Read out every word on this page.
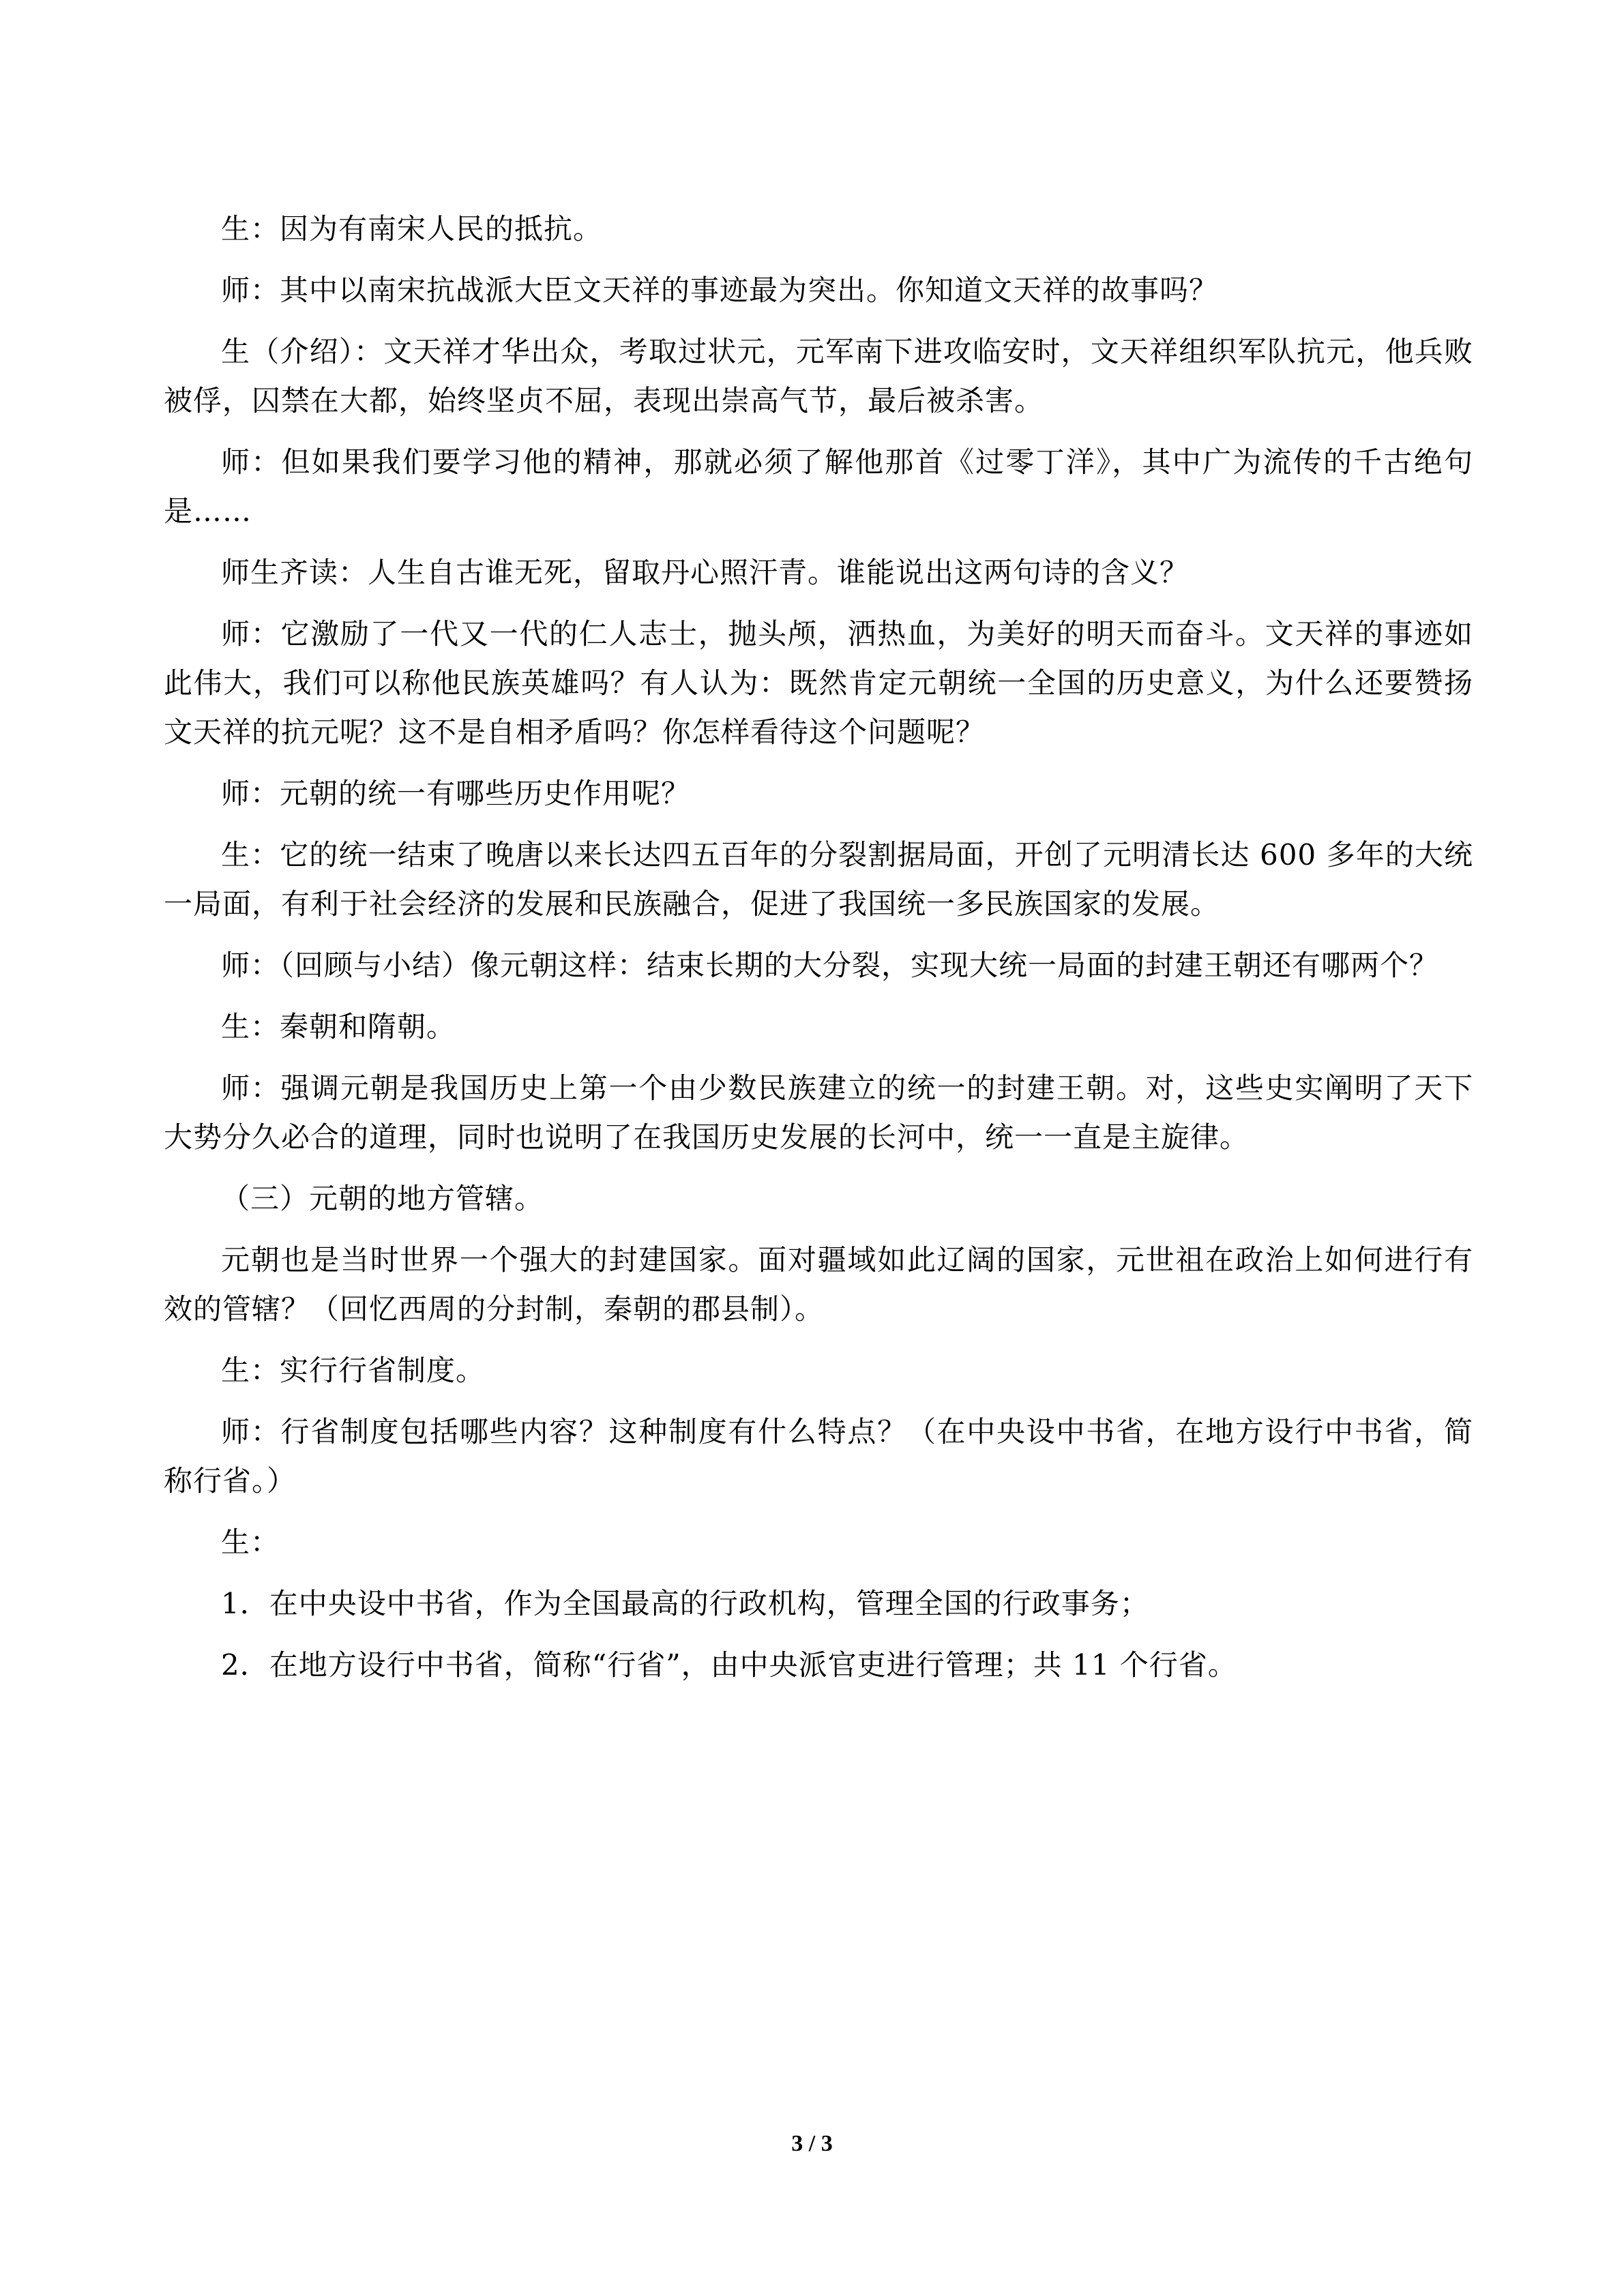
生：因为有南宋人民的抵抗。

师：其中以南宋抗战派大臣文天祥的事迹最为突出。你知道文天祥的故事吗？

生（介绍）：文天祥才华出众，考取过状元，元军南下进攻临安时，文天祥组织军队抗元，他兵败被俘，囚禁在大都，始终坚贞不屈，表现出崇高气节，最后被杀害。

师：但如果我们要学习他的精神，那就必须了解他那首《过零丁洋》，其中广为流传的千古绝句是……

师生齐读：人生自古谁无死，留取丹心照汗青。谁能说出这两句诗的含义？

师：它激励了一代又一代的仁人志士，抛头颅，洒热血，为美好的明天而奋斗。文天祥的事迹如此伟大，我们可以称他民族英雄吗？有人认为：既然肯定元朝统一全国的历史意义，为什么还要赞扬文天祥的抗元呢？这不是自相矛盾吗？你怎样看待这个问题呢？

师：元朝的统一有哪些历史作用呢？

生：它的统一结束了晚唐以来长达四五百年的分裂割据局面，开创了元明清长达 600 多年的大统一局面，有利于社会经济的发展和民族融合，促进了我国统一多民族国家的发展。

师：（回顾与小结）像元朝这样：结束长期的大分裂，实现大统一局面的封建王朝还有哪两个？

生：秦朝和隋朝。

师：强调元朝是我国历史上第一个由少数民族建立的统一的封建王朝。对，这些史实阐明了天下大势分久必合的道理，同时也说明了在我国历史发展的长河中，统一一直是主旋律。

（三）元朝的地方管辖。

元朝也是当时世界一个强大的封建国家。面对疆域如此辽阔的国家，元世祖在政治上如何进行有效的管辖？（回忆西周的分封制，秦朝的郡县制）。

生：实行行省制度。

师：行省制度包括哪些内容？这种制度有什么特点？（在中央设中书省，在地方设行中书省，简称行省。）

生：

1．在中央设中书省，作为全国最高的行政机构，管理全国的行政事务；

2．在地方设行中书省，简称“行省”，由中央派官吏进行管理；共 11 个行省。

3 / 3
